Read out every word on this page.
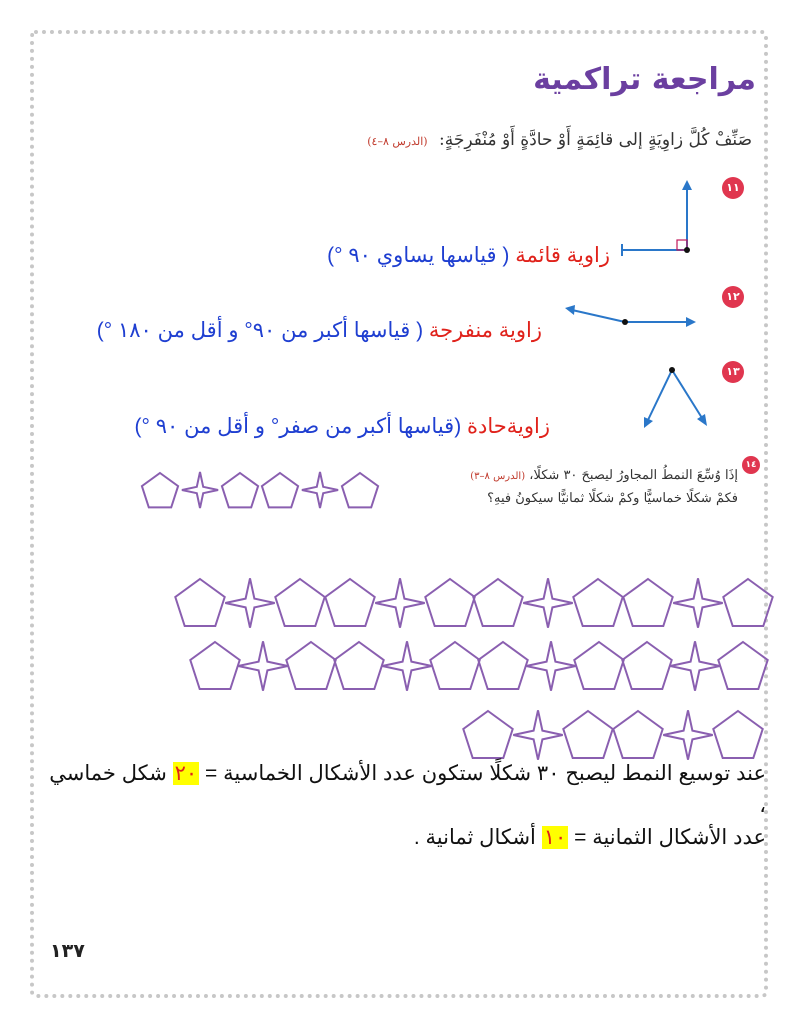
مراجعة تراكمية
صَنِّفْ كُلَّ زاوِيَةٍ إلى قائِمَةٍ أَوْ حادَّةٍ أَوْ مُنْفَرِجَةٍ: (الدرس ٨–٤)
١١
زاوية قائمة ( قياسها يساوي ٩٠ °)
١٢
زاوية منفرجة ( قياسها أكبر من ٩٠° و أقل من ١٨٠ °)
١٣
زاويةحادة (قياسها أكبر من صفر° و أقل من ٩٠ °)
١٤
إذَا وُسِّعَ النمطُ المجاورُ ليصبحَ ٣٠ شكلًا، (الدرس ٨–٣)
فكمْ شكلًا خماسيًّا وكمْ شكلًا ثمانيًّا سيكونُ فيهِ؟
عند توسيع النمط ليصبح ٣٠ شكلًا ستكون عدد الأشكال الخماسية = ٢٠ شكل خماسي ،
عدد الأشكال الثمانية = ١٠ أشكال ثمانية .
١٣٧
